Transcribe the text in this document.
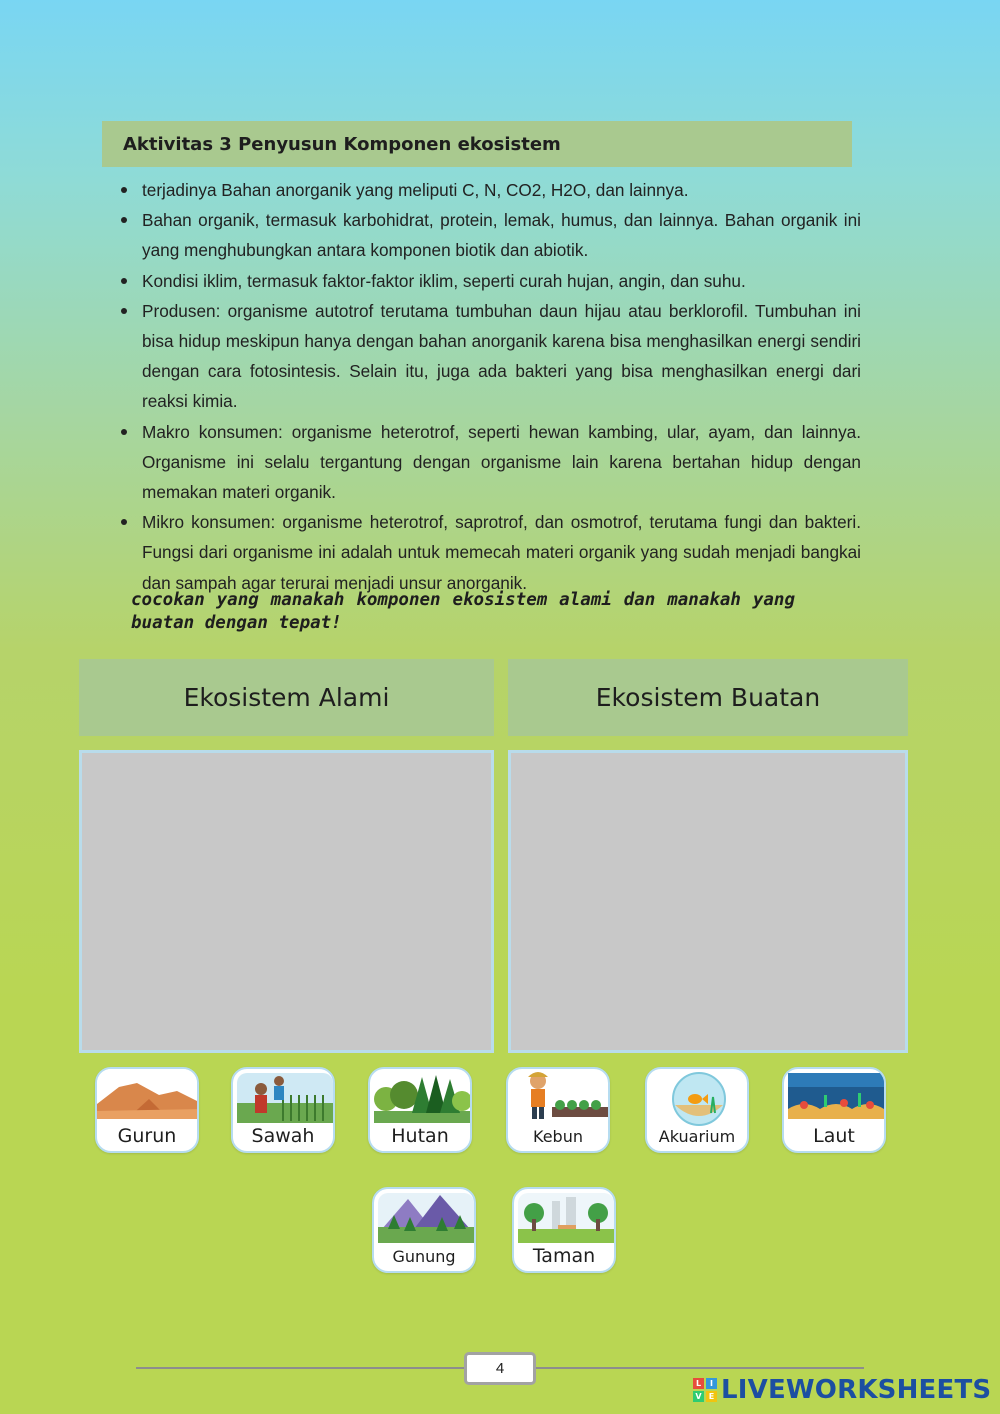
Aktivitas 3 Penyusun Komponen ekosistem
terjadinya Bahan anorganik yang meliputi C, N, CO2, H2O, dan lainnya.
Bahan organik, termasuk karbohidrat, protein, lemak, humus, dan lainnya. Bahan organik ini yang menghubungkan antara komponen biotik dan abiotik.
Kondisi iklim, termasuk faktor-faktor iklim, seperti curah hujan, angin, dan suhu.
Produsen: organisme autotrof terutama tumbuhan daun hijau atau berklorofil. Tumbuhan ini bisa hidup meskipun hanya dengan bahan anorganik karena bisa menghasilkan energi sendiri dengan cara fotosintesis. Selain itu, juga ada bakteri yang bisa menghasilkan energi dari reaksi kimia.
Makro konsumen: organisme heterotrof, seperti hewan kambing, ular, ayam, dan lainnya. Organisme ini selalu tergantung dengan organisme lain karena bertahan hidup dengan memakan materi organik.
Mikro konsumen: organisme heterotrof, saprotrof, dan osmotrof, terutama fungi dan bakteri. Fungsi dari organisme ini adalah untuk memecah materi organik yang sudah menjadi bangkai dan sampah agar terurai menjadi unsur anorganik.
cocokan yang manakah komponen ekosistem alami dan manakah yang buatan dengan tepat!
Ekosistem Alami	Ekosistem Buatan
Gurun	Sawah	Hutan	Kebun	Akuarium	Laut
Gunung	Taman
4
L	I
V E LIVEWORKSHEETS
